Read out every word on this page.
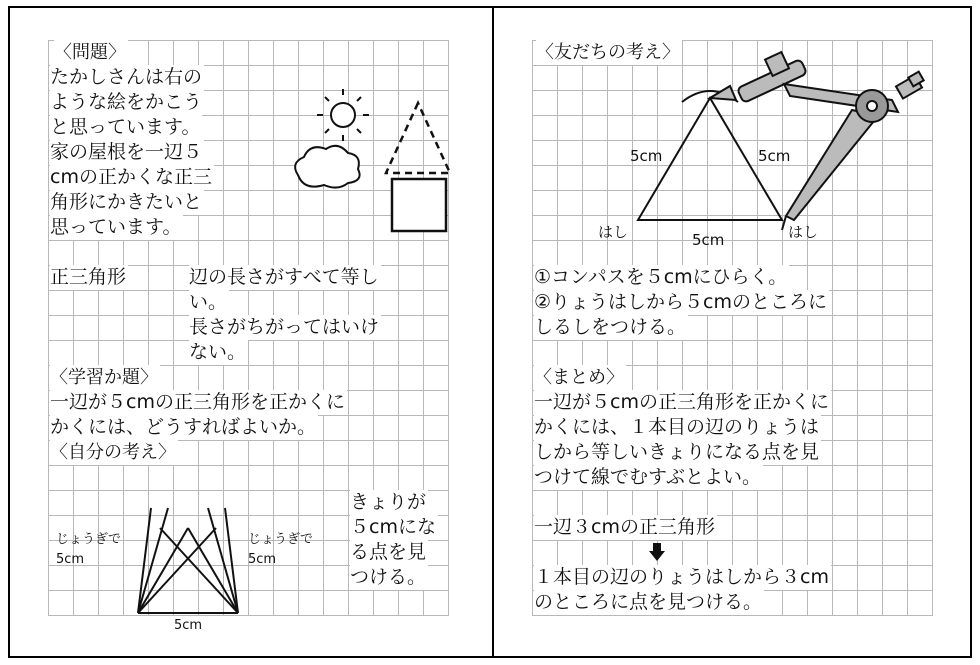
〈問題〉
たかしさんは右の
ような絵をかこう
と思っています。
家の屋根を一辺５
cmの正かくな正三
角形にかきたいと
思っています。
正三角形	辺の長さがすべて等し
い。
長さがちがってはいけ
ない。
〈学習か題〉
一辺が５cmの正三角形を正かくに
かくには、どうすればよいか。
〈自分の考え〉
じょうぎで
5cm
じょうぎで
5cm
5cm
きょりが
５cmにな
る点を見
つける。
〈友だちの考え〉
5cm	5cm
5cm
はし	はし
①コンパスを５cmにひらく。
②りょうはしから５cmのところに
しるしをつける。
〈まとめ〉
一辺が５cmの正三角形を正かくに
かくには、１本目の辺のりょうは
しから等しいきょりになる点を見
つけて線でむすぶとよい。
一辺３cmの正三角形
１本目の辺のりょうはしから３cm
のところに点を見つける。
